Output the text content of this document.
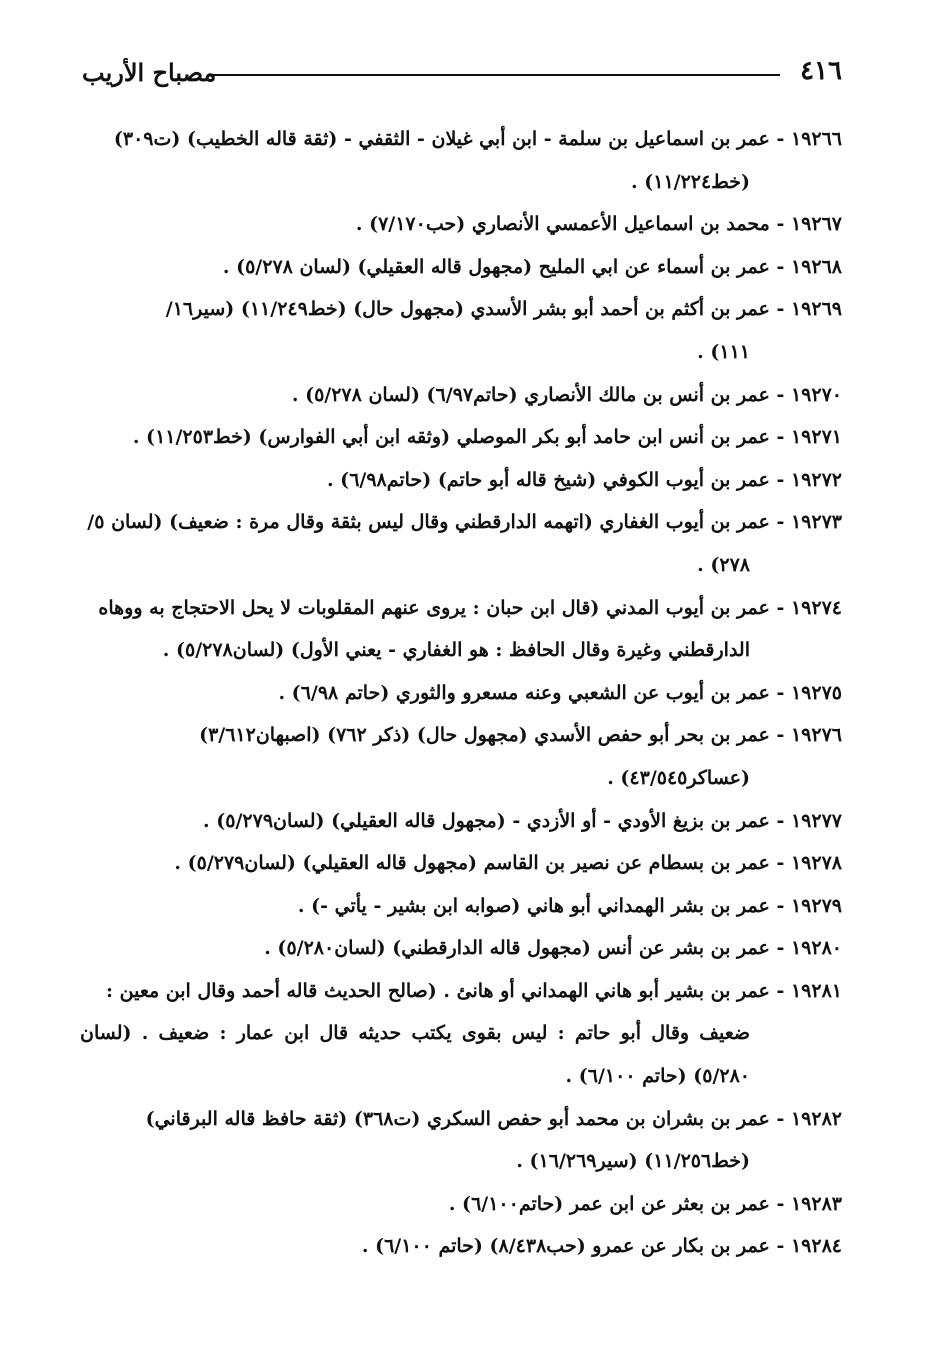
٤١٦
مصباح الأريب
١٩٢٦٦ - عمر بن اسماعيل بن سلمة - ابن أبي غيلان - الثقفي - (ثقة قاله الخطيب) (ت٣٠٩)
(خط١١/٢٢٤) .
١٩٢٦٧ - محمد بن اسماعيل الأعمسي الأنصاري (حب٧/١٧٠) .
١٩٢٦٨ - عمر بن أسماء عن ابي المليح (مجهول قاله العقيلي) (لسان ٥/٢٧٨) .
١٩٢٦٩ - عمر بن أكثم بن أحمد أبو بشر الأسدي (مجهول حال) (خط١١/٢٤٩) (سير١٦/
١١١) .
١٩٢٧٠ - عمر بن أنس بن مالك الأنصاري (حاتم٦/٩٧) (لسان ٥/٢٧٨) .
١٩٢٧١ - عمر بن أنس ابن حامد أبو بكر الموصلي (وثقه ابن أبي الفوارس) (خط١١/٢٥٣) .
١٩٢٧٢ - عمر بن أيوب الكوفي (شيخ قاله أبو حاتم) (حاتم٦/٩٨) .
١٩٢٧٣ - عمر بن أيوب الغفاري (اتهمه الدارقطني وقال ليس بثقة وقال مرة : ضعيف) (لسان ٥/
٢٧٨) .
١٩٢٧٤ - عمر بن أيوب المدني (قال ابن حبان : يروى عنهم المقلوبات لا يحل الاحتجاج به ووهاه
الدارقطني وغيرة وقال الحافظ : هو الغفاري - يعني الأول) (لسان٥/٢٧٨) .
١٩٢٧٥ - عمر بن أيوب عن الشعبي وعنه مسعرو والثوري (حاتم ٦/٩٨) .
١٩٢٧٦ - عمر بن بحر أبو حفص الأسدي (مجهول حال) (ذكر ٧٦٢) (اصبهان٣/٦١٢)
(عساكر٤٣/٥٤٥) .
١٩٢٧٧ - عمر بن بزيغ الأودي - أو الأزدي - (مجهول قاله العقيلي) (لسان٥/٢٧٩) .
١٩٢٧٨ - عمر بن بسطام عن نصير بن القاسم (مجهول قاله العقيلي) (لسان٥/٢٧٩) .
١٩٢٧٩ - عمر بن بشر الهمداني أبو هاني (صوابه ابن بشير - يأتي -) .
١٩٢٨٠ - عمر بن بشر عن أنس (مجهول قاله الدارقطني) (لسان٥/٢٨٠) .
١٩٢٨١ - عمر بن بشير أبو هاني الهمداني أو هانئ . (صالح الحديث قاله أحمد وقال ابن معين :
ضعيف وقال أبو حاتم : ليس بقوى يكتب حديثه قال ابن عمار : ضعيف . (لسان ٥/٢٨٠) (حاتم ٦/١٠٠) .
١٩٢٨٢ - عمر بن بشران بن محمد أبو حفص السكري (ت٣٦٨) (ثقة حافظ قاله البرقاني)
(خط١١/٢٥٦) (سير١٦/٢٦٩) .
١٩٢٨٣ - عمر بن بعثر عن ابن عمر (حاتم٦/١٠٠) .
١٩٢٨٤ - عمر بن بكار عن عمرو (حب٨/٤٣٨) (حاتم ٦/١٠٠) .
